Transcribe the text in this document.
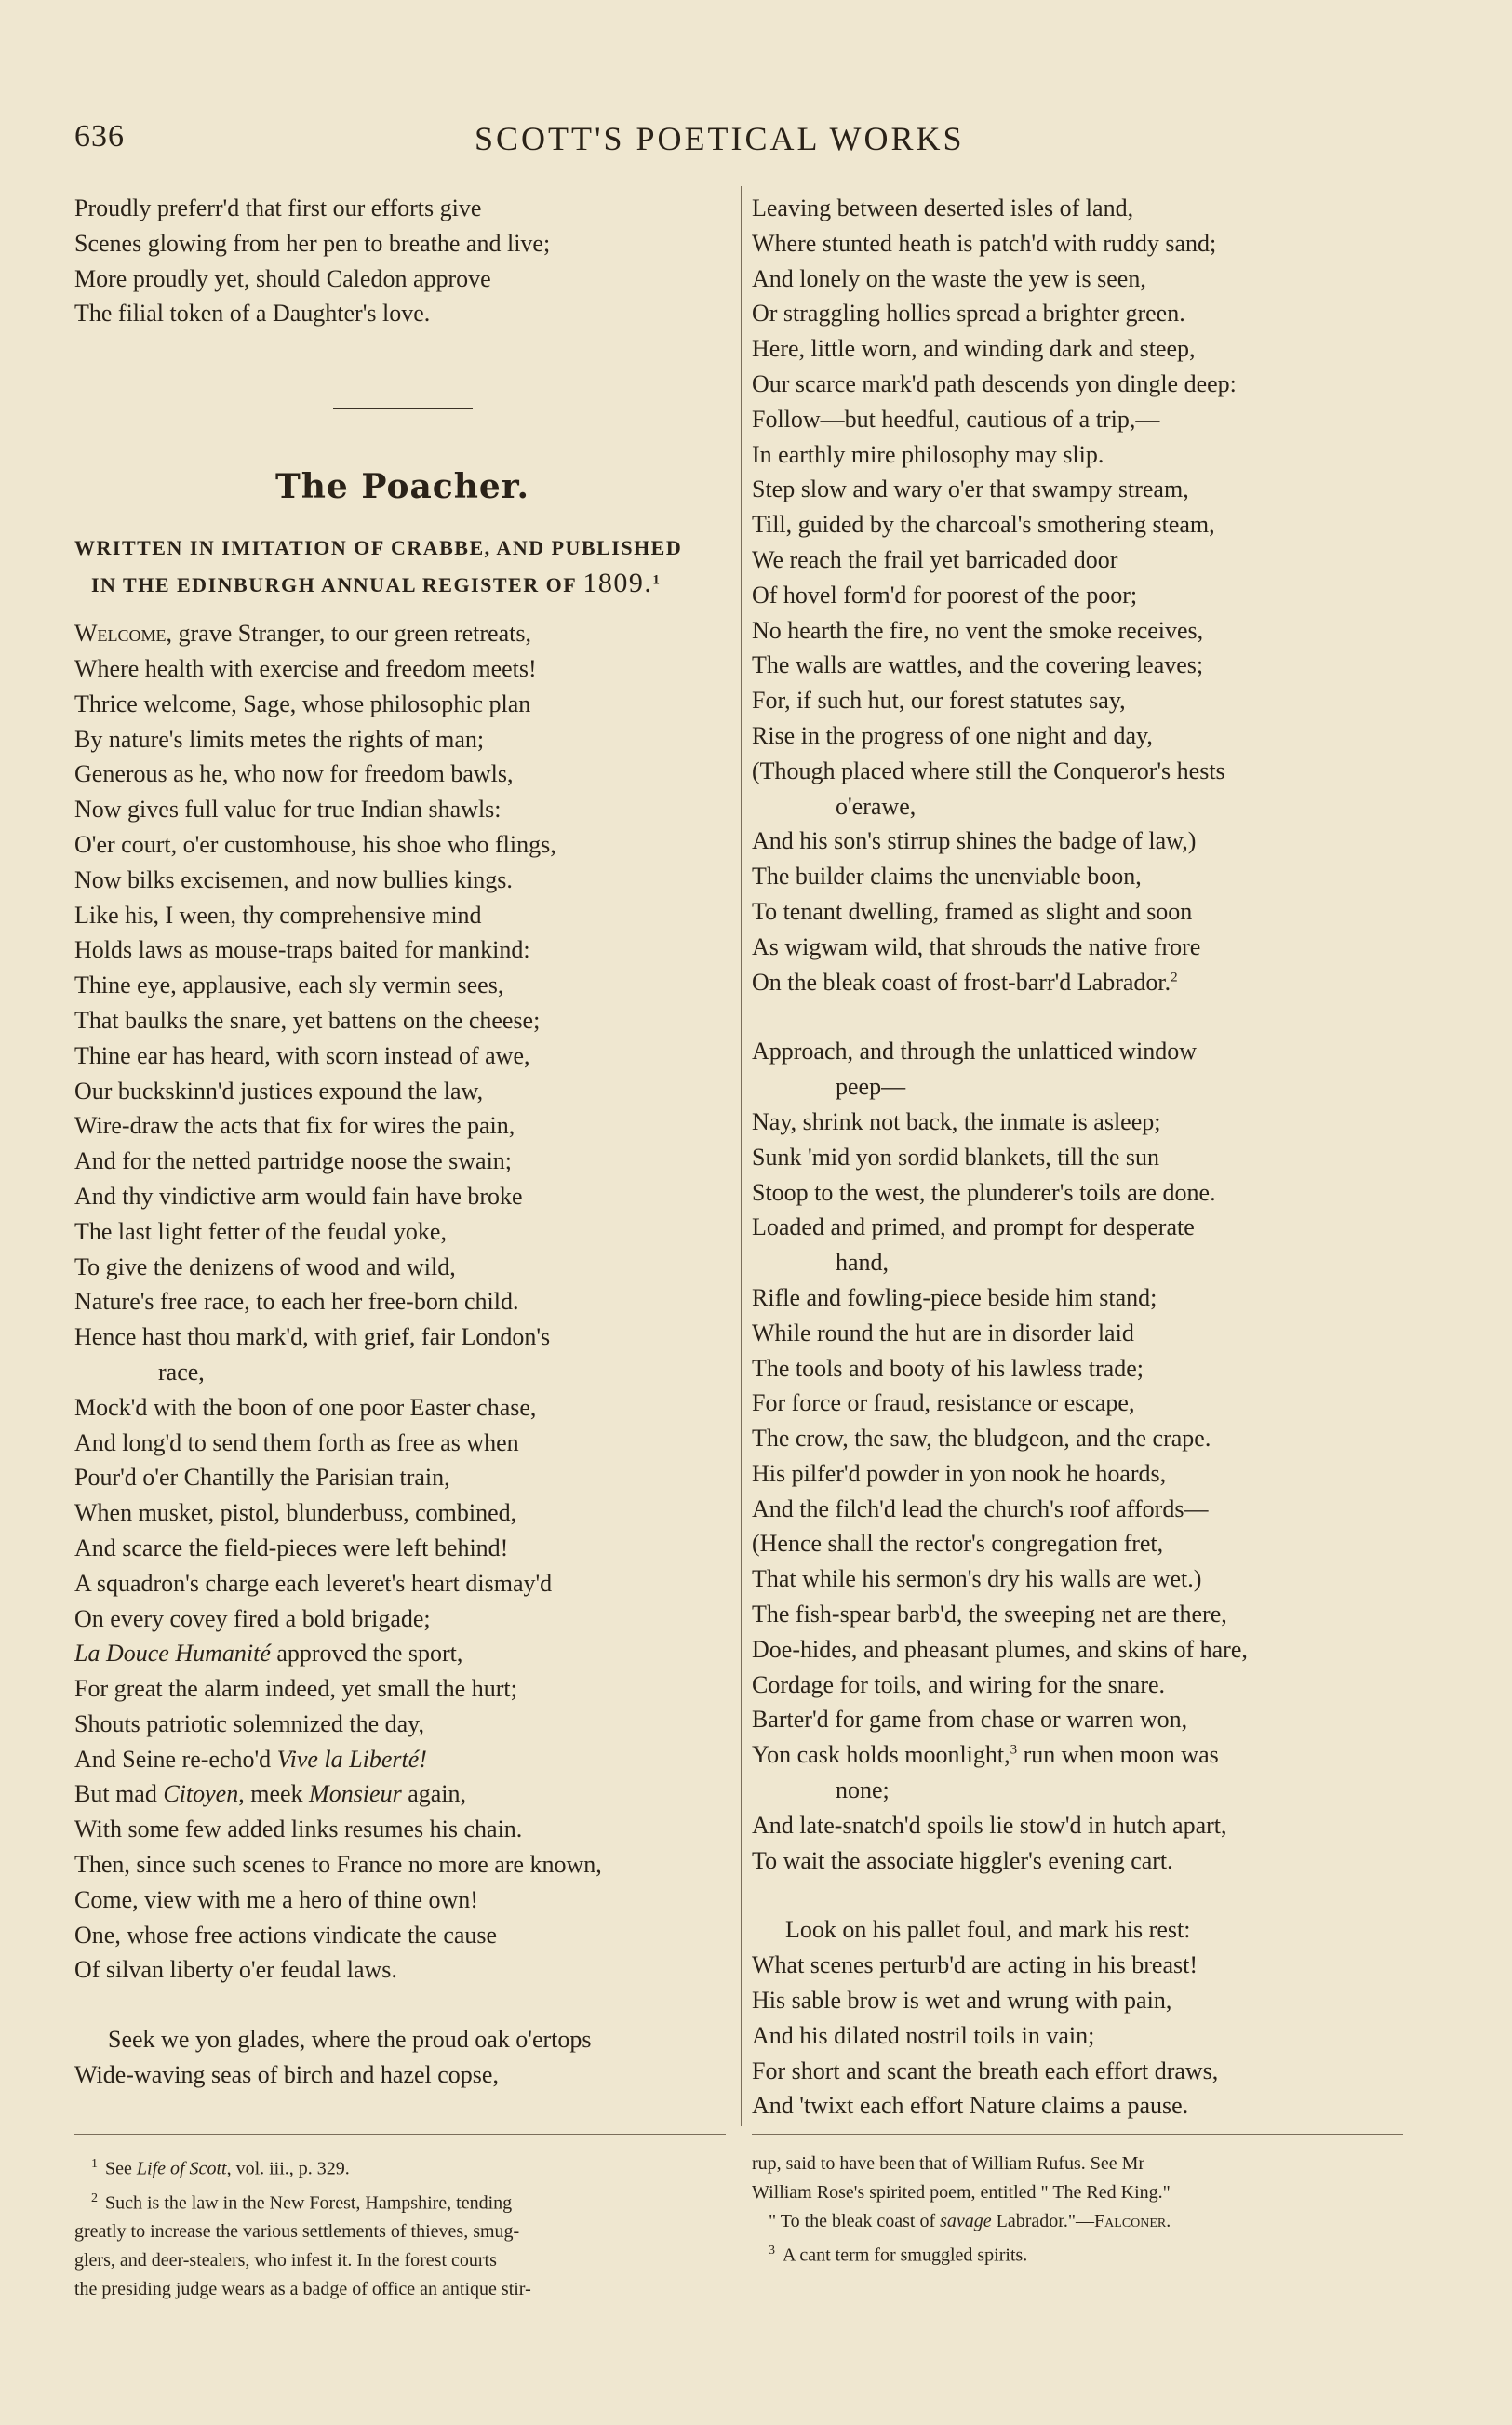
636	SCOTT'S POETICAL WORKS
Proudly preferr'd that first our efforts give
Scenes glowing from her pen to breathe and live;
More proudly yet, should Caledon approve
The filial token of a Daughter's love.
The Poacher.
WRITTEN IN IMITATION OF CRABBE, AND PUBLISHED
IN THE EDINBURGH ANNUAL REGISTER OF 1809.$^1$
Welcome, grave Stranger, to our green retreats,
Where health with exercise and freedom meets!
Thrice welcome, Sage, whose philosophic plan
By nature's limits metes the rights of man;
Generous as he, who now for freedom bawls,
Now gives full value for true Indian shawls:
O'er court, o'er customhouse, his shoe who flings,
Now bilks excisemen, and now bullies kings.
Like his, I ween, thy comprehensive mind
Holds laws as mouse-traps baited for mankind:
Thine eye, applausive, each sly vermin sees,
That baulks the snare, yet battens on the cheese;
Thine ear has heard, with scorn instead of awe,
Our buckskinn'd justices expound the law,
Wire-draw the acts that fix for wires the pain,
And for the netted partridge noose the swain;
And thy vindictive arm would fain have broke
The last light fetter of the feudal yoke,
To give the denizens of wood and wild,
Nature's free race, to each her free-born child.
Hence hast thou mark'd, with grief, fair London's
race,
Mock'd with the boon of one poor Easter chase,
And long'd to send them forth as free as when
Pour'd o'er Chantilly the Parisian train,
When musket, pistol, blunderbuss, combined,
And scarce the field-pieces were left behind!
A squadron's charge each leveret's heart dismay'd
On every covey fired a bold brigade;
La Douce Humanité approved the sport,
For great the alarm indeed, yet small the hurt;
Shouts patriotic solemnized the day,
And Seine re-echo'd Vive la Liberté!
But mad Citoyen, meek Monsieur again,
With some few added links resumes his chain.
Then, since such scenes to France no more are known,
Come, view with me a hero of thine own!
One, whose free actions vindicate the cause
Of silvan liberty o'er feudal laws.
Seek we yon glades, where the proud oak o'ertops
Wide-waving seas of birch and hazel copse,
Leaving between deserted isles of land,
Where stunted heath is patch'd with ruddy sand;
And lonely on the waste the yew is seen,
Or straggling hollies spread a brighter green.
Here, little worn, and winding dark and steep,
Our scarce mark'd path descends yon dingle deep:
Follow—but heedful, cautious of a trip,—
In earthly mire philosophy may slip.
Step slow and wary o'er that swampy stream,
Till, guided by the charcoal's smothering steam,
We reach the frail yet barricaded door
Of hovel form'd for poorest of the poor;
No hearth the fire, no vent the smoke receives,
The walls are wattles, and the covering leaves;
For, if such hut, our forest statutes say,
Rise in the progress of one night and day,
(Though placed where still the Conqueror's hests
o'erawe,
And his son's stirrup shines the badge of law,)
The builder claims the unenviable boon,
To tenant dwelling, framed as slight and soon
As wigwam wild, that shrouds the native frore
On the bleak coast of frost-barr'd Labrador.$^2$
Approach, and through the unlatticed window
peep—
Nay, shrink not back, the inmate is asleep;
Sunk 'mid yon sordid blankets, till the sun
Stoop to the west, the plunderer's toils are done.
Loaded and primed, and prompt for desperate
hand,
Rifle and fowling-piece beside him stand;
While round the hut are in disorder laid
The tools and booty of his lawless trade;
For force or fraud, resistance or escape,
The crow, the saw, the bludgeon, and the crape.
His pilfer'd powder in yon nook he hoards,
And the filch'd lead the church's roof affords—
(Hence shall the rector's congregation fret,
That while his sermon's dry his walls are wet.)
The fish-spear barb'd, the sweeping net are there,
Doe-hides, and pheasant plumes, and skins of hare,
Cordage for toils, and wiring for the snare.
Barter'd for game from chase or warren won,
Yon cask holds moonlight,$^3$ run when moon was
none;
And late-snatch'd spoils lie stow'd in hutch apart,
To wait the associate higgler's evening cart.
Look on his pallet foul, and mark his rest:
What scenes perturb'd are acting in his breast!
His sable brow is wet and wrung with pain,
And his dilated nostril toils in vain;
For short and scant the breath each effort draws,
And 'twixt each effort Nature claims a pause.
$^1$ See Life of Scott, vol. iii., p. 329.
$^2$ Such is the law in the New Forest, Hampshire, tending
greatly to increase the various settlements of thieves, smug-
glers, and deer-stealers, who infest it. In the forest courts
the presiding judge wears as a badge of office an antique stir-
rup, said to have been that of William Rufus. See Mr
William Rose's spirited poem, entitled " The Red King."
" To the bleak coast of savage Labrador."—Falconer.
$^3$ A cant term for smuggled spirits.
